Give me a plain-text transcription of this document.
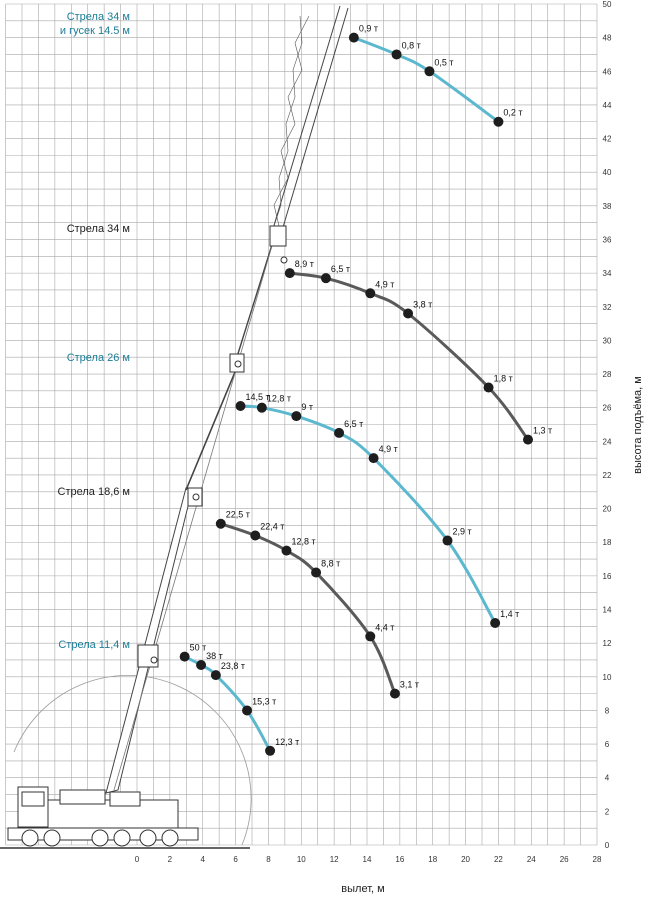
0,9 т
0,8 т
0,5 т
0,2 т
8,9 т
6,5 т
4,9 т
3,8 т
1,8 т
1,3 т
14,5 т
12,8 т
9 т
6,5 т
4,9 т
2,9 т
1,4 т
22,5 т
22,4 т
12,8 т
8,8 т
4,4 т
3,1 т
50 т
38 т
23,8 т
15,3 т
12,3 т
Стрела 34 м
и гусек 14.5 м
Стрела 34 м
Стрела 26 м
Стрела 18,6 м
Стрела 11,4 м
0	2	4	6	8	10	12	14	16	18	20	22	24	26	28
0
2
4
6
8
10
12
14
16
18
20
22
24
26
28
30
32
34
36
38
40
42
44
46
48
50
вылет, м
высота подъёма, м
